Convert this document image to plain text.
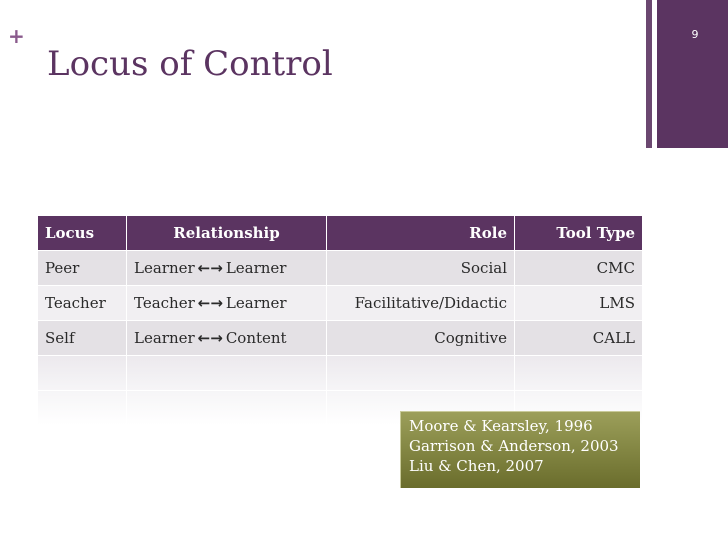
+
Locus of Control
9
Locus	Relationship	Role	Tool Type
Peer	Learner ←→ Learner	Social	CMC
Teacher	Teacher ←→ Learner	Facilitative/Didactic	LMS
Self	Learner ←→ Content	Cognitive	CALL
Moore & Kearsley, 1996
Garrison & Anderson, 2003
Liu & Chen, 2007
